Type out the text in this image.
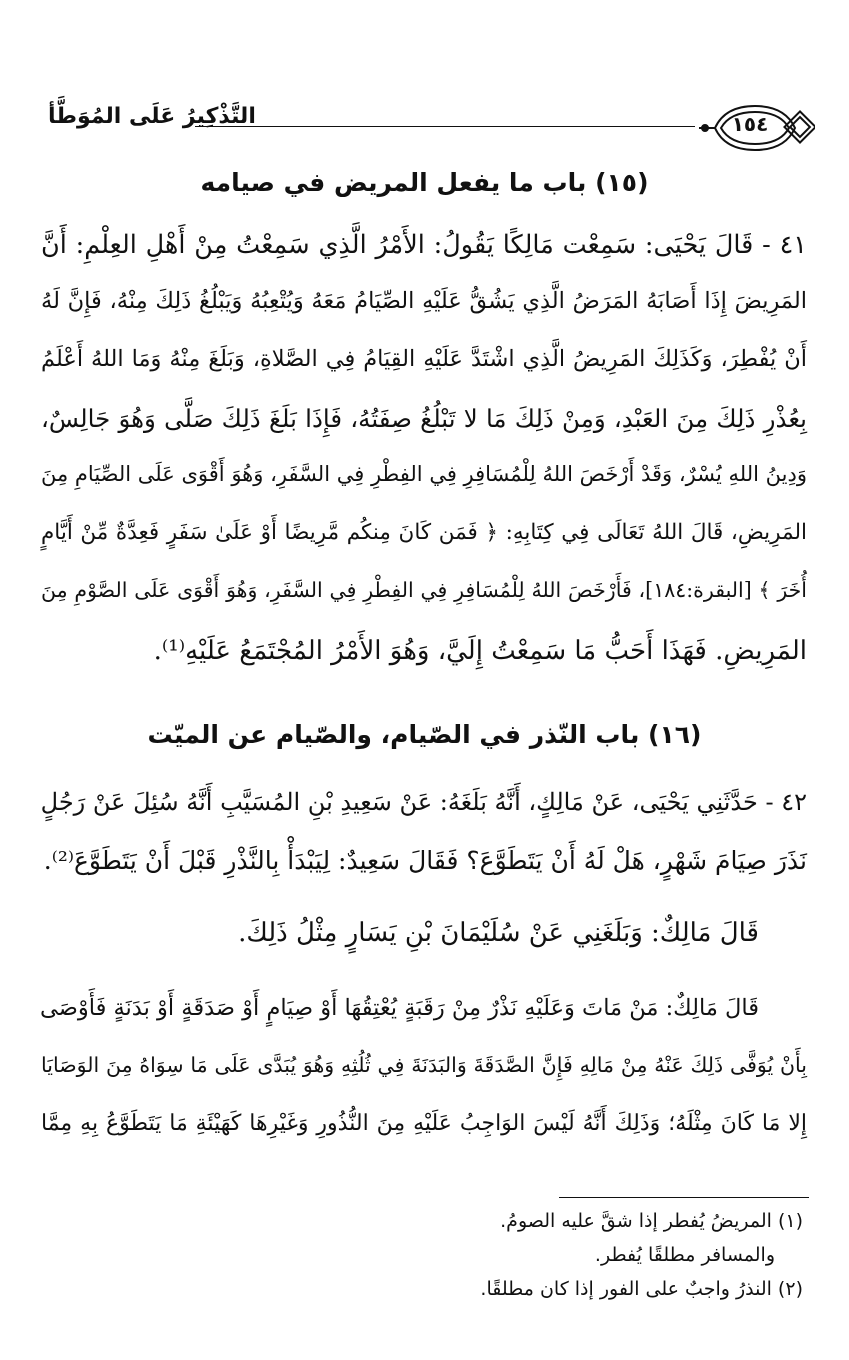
١٥٤
التَّذْكِيرُ عَلَى المُوَطَّأ
(١٥) باب ما يفعل المريض في صيامه
٤١ - قَالَ يَحْيَى: سَمِعْت مَالِكًا يَقُولُ: الأَمْرُ الَّذِي سَمِعْتُ مِنْ أَهْلِ العِلْمِ: أَنَّ
المَرِيضَ إِذَا أَصَابَهُ المَرَضُ الَّذِي يَشُقُّ عَلَيْهِ الصِّيَامُ مَعَهُ وَيُتْعِبُهُ وَيَبْلُغُ ذَلِكَ مِنْهُ، فَإِنَّ لَهُ
أَنْ يُفْطِرَ، وَكَذَلِكَ المَرِيضُ الَّذِي اشْتَدَّ عَلَيْهِ القِيَامُ فِي الصَّلاةِ، وَبَلَغَ مِنْهُ وَمَا اللهُ أَعْلَمُ
بِعُذْرِ ذَلِكَ مِنَ العَبْدِ، وَمِنْ ذَلِكَ مَا لا تَبْلُغُ صِفَتُهُ، فَإِذَا بَلَغَ ذَلِكَ صَلَّى وَهُوَ جَالِسٌ،
وَدِينُ اللهِ يُسْرٌ، وَقَدْ أَرْخَصَ اللهُ لِلْمُسَافِرِ فِي الفِطْرِ فِي السَّفَرِ، وَهُوَ أَقْوَى عَلَى الصِّيَامِ مِنَ
المَرِيضِ، قَالَ اللهُ تَعَالَى فِي كِتَابِهِ: ﴿ فَمَن كَانَ مِنكُم مَّرِيضًا أَوْ عَلَىٰ سَفَرٍ فَعِدَّةٌ مِّنْ أَيَّامٍ
أُخَرَ ﴾ [البقرة:١٨٤]، فَأَرْخَصَ اللهُ لِلْمُسَافِرِ فِي الفِطْرِ فِي السَّفَرِ، وَهُوَ أَقْوَى عَلَى الصَّوْمِ مِنَ
المَرِيضِ. فَهَذَا أَحَبُّ مَا سَمِعْتُ إِلَيَّ، وَهُوَ الأَمْرُ المُجْتَمَعُ عَلَيْهِ⁽¹⁾.
(١٦) باب النّذر في الصّيام، والصّيام عن الميّت
٤٢ - حَدَّثَنِي يَحْيَى، عَنْ مَالِكٍ، أَنَّهُ بَلَغَهُ: عَنْ سَعِيدِ بْنِ المُسَيَّبِ أَنَّهُ سُئِلَ عَنْ رَجُلٍ
نَذَرَ صِيَامَ شَهْرٍ، هَلْ لَهُ أَنْ يَتَطَوَّعَ؟ فَقَالَ سَعِيدٌ: لِيَبْدَأْ بِالنَّذْرِ قَبْلَ أَنْ يَتَطَوَّعَ⁽²⁾.
قَالَ مَالِكٌ: وَبَلَغَنِي عَنْ سُلَيْمَانَ بْنِ يَسَارٍ مِثْلُ ذَلِكَ.
قَالَ مَالِكٌ: مَنْ مَاتَ وَعَلَيْهِ نَذْرٌ مِنْ رَقَبَةٍ يُعْتِقُهَا أَوْ صِيَامٍ أَوْ صَدَقَةٍ أَوْ بَدَنَةٍ فَأَوْصَى
بِأَنْ يُوَفَّى ذَلِكَ عَنْهُ مِنْ مَالِهِ فَإِنَّ الصَّدَقَةَ وَالبَدَنَةَ فِي ثُلُثِهِ وَهُوَ يُبَدَّى عَلَى مَا سِوَاهُ مِنَ الوَصَايَا
إِلا مَا كَانَ مِثْلَهُ؛ وَذَلِكَ أَنَّهُ لَيْسَ الوَاجِبُ عَلَيْهِ مِنَ النُّذُورِ وَغَيْرِهَا كَهَيْئَةِ مَا يَتَطَوَّعُ بِهِ مِمَّا
(١) المريضُ يُفطر إذا شقَّ عليه الصومُ.
والمسافر مطلقًا يُفطر.
(٢) النذرُ واجبٌ على الفور إذا كان مطلقًا.
